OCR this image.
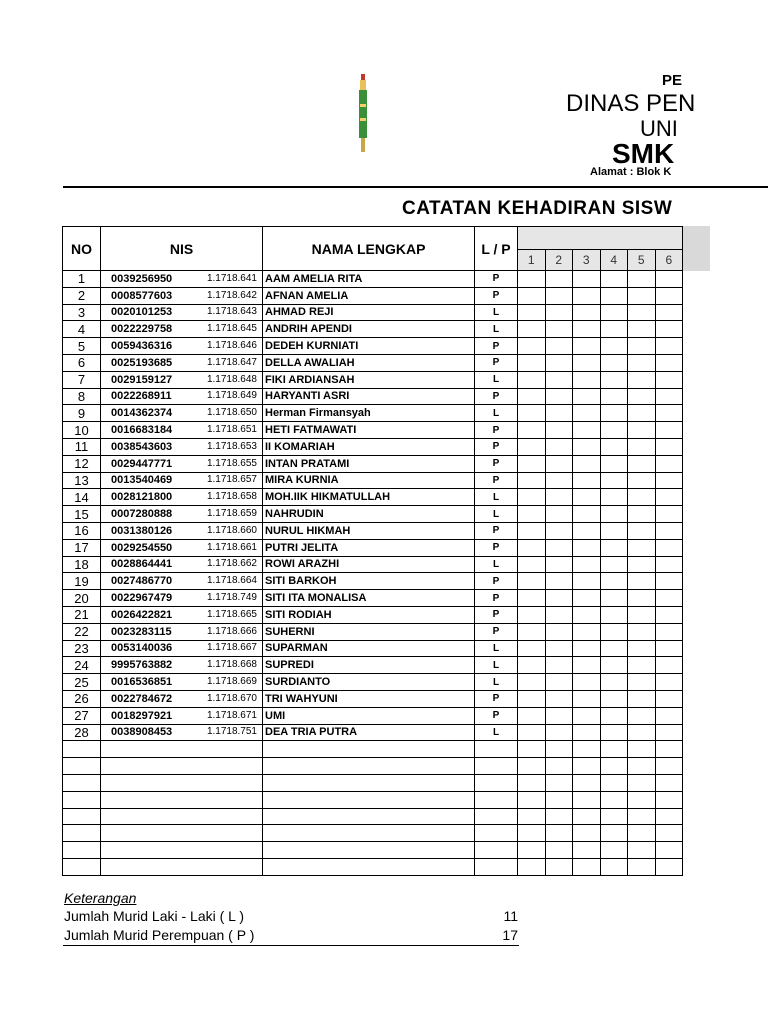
PE
DINAS PEN
UNI
SMK
Alamat : Blok K
CATATAN KEHADIRAN SISW
NO	NIS	NAMA LENGKAP	L / P						
				1	2	3	4	5	6
1	0039256950 1.1718.641	AAM AMELIA RITA	P						
2	0008577603 1.1718.642	AFNAN AMELIA	P						
3	0020101253 1.1718.643	AHMAD REJI	L						
4	0022229758 1.1718.645	ANDRIH APENDI	L						
5	0059436316 1.1718.646	DEDEH KURNIATI	P						
6	0025193685 1.1718.647	DELLA AWALIAH	P						
7	0029159127 1.1718.648	FIKI ARDIANSAH	L						
8	0022268911 1.1718.649	HARYANTI ASRI	P						
9	0014362374 1.1718.650	Herman Firmansyah	L						
10	0016683184 1.1718.651	HETI FATMAWATI	P						
11	0038543603 1.1718.653	II KOMARIAH	P						
12	0029447771 1.1718.655	INTAN PRATAMI	P						
13	0013540469 1.1718.657	MIRA KURNIA	P						
14	0028121800 1.1718.658	MOH.IIK HIKMATULLAH	L						
15	0007280888 1.1718.659	NAHRUDIN	L						
16	0031380126 1.1718.660	NURUL HIKMAH	P						
17	0029254550 1.1718.661	PUTRI JELITA	P						
18	0028864441 1.1718.662	ROWI ARAZHI	L						
19	0027486770 1.1718.664	SITI BARKOH	P						
20	0022967479 1.1718.749	SITI ITA MONALISA	P						
21	0026422821 1.1718.665	SITI RODIAH	P						
22	0023283115 1.1718.666	SUHERNI	P						
23	0053140036 1.1718.667	SUPARMAN	L						
24	9995763882 1.1718.668	SUPREDI	L						
25	0016536851 1.1718.669	SURDIANTO	L						
26	0022784672 1.1718.670	TRI WAHYUNI	P						
27	0018297921 1.1718.671	UMI	P						
28	0038908453 1.1718.751	DEA TRIA PUTRA	L						

Keterangan
Jumlah Murid Laki - Laki ( L )	11
Jumlah Murid Perempuan ( P )	17
